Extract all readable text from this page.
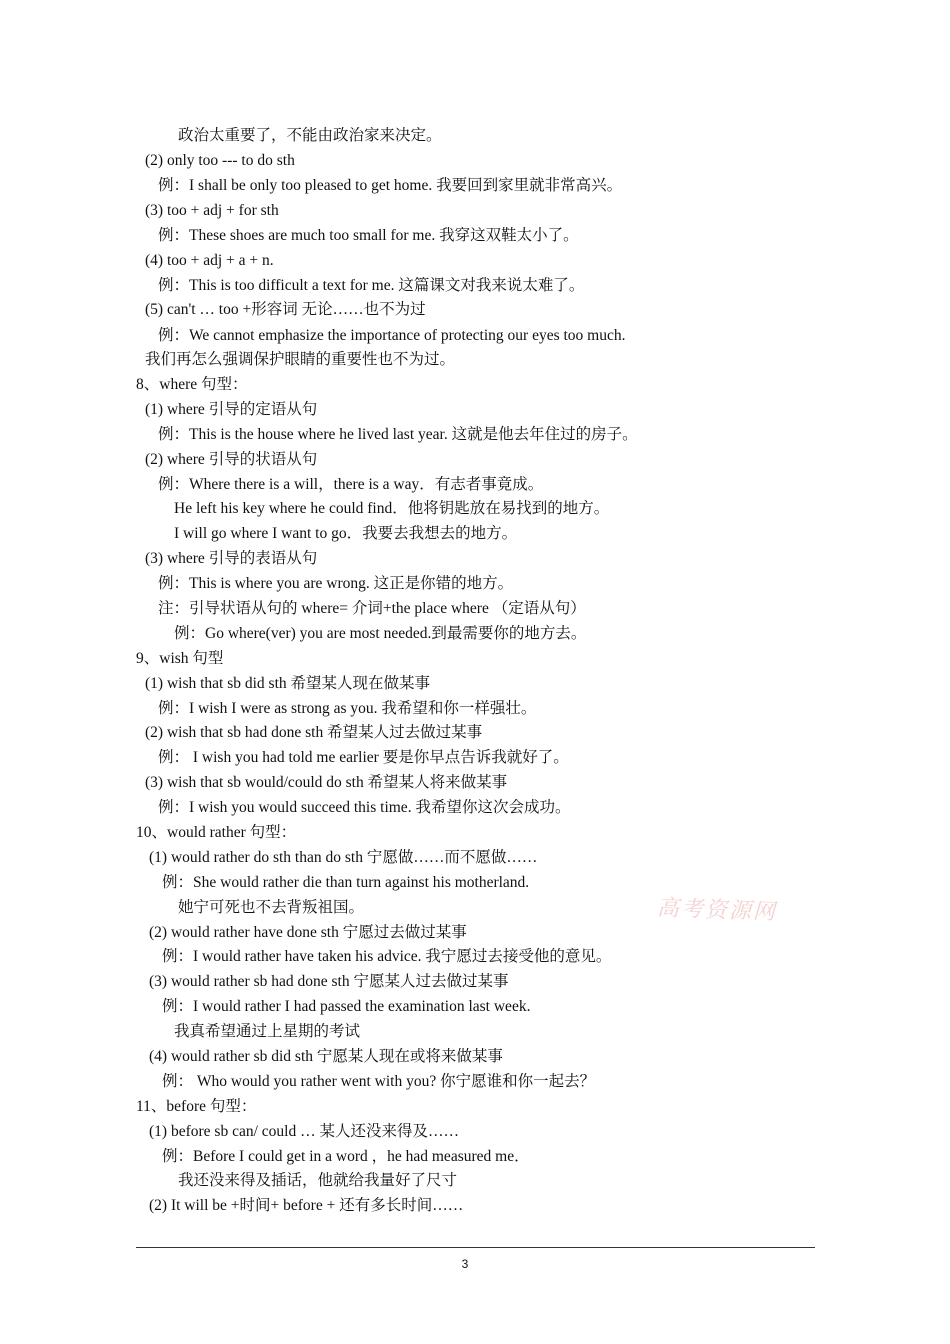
政治太重要了，不能由政治家来决定。
(2) only too --- to do sth
例：I shall be only too pleased to get home. 我要回到家里就非常高兴。
(3) too + adj + for sth
例：These shoes are much too small for me. 我穿这双鞋太小了。
(4) too + adj + a + n.
例：This is too difficult a text for me. 这篇课文对我来说太难了。
(5) can't … too +形容词 无论……也不为过
例：We cannot emphasize the importance of protecting our eyes too much.
我们再怎么强调保护眼睛的重要性也不为过。
8、where 句型：
(1) where 引导的定语从句
例：This is the house where he lived last year. 这就是他去年住过的房子。
(2) where 引导的状语从句
例：Where there is a will，there is a way．有志者事竟成。
He left his key where he could find．他将钥匙放在易找到的地方。
I will go where I want to go．我要去我想去的地方。
(3) where 引导的表语从句
例：This is where you are wrong. 这正是你错的地方。
注：引导状语从句的 where= 介词+the place where （定语从句）
例：Go where(ver) you are most needed.到最需要你的地方去。
9、wish 句型
(1) wish that sb did sth 希望某人现在做某事
例：I wish I were as strong as you. 我希望和你一样强壮。
(2) wish that sb had done sth 希望某人过去做过某事
例： I wish you had told me earlier 要是你早点告诉我就好了。
(3) wish that sb would/could do sth 希望某人将来做某事
例：I wish you would succeed this time. 我希望你这次会成功。
10、would rather 句型：
(1) would rather do sth than do sth 宁愿做……而不愿做……
例：She would rather die than turn against his motherland.
她宁可死也不去背叛祖国。
(2) would rather have done sth 宁愿过去做过某事
例：I would rather have taken his advice. 我宁愿过去接受他的意见。
(3) would rather sb had done sth 宁愿某人过去做过某事
例：I would rather I had passed the examination last week.
我真希望通过上星期的考试
(4) would rather sb did sth 宁愿某人现在或将来做某事
例： Who would you rather went with you? 你宁愿谁和你一起去？
11、before 句型：
(1) before sb can/ could … 某人还没来得及……
例：Before I could get in a word ，he had measured me．
我还没来得及插话，他就给我量好了尺寸
(2) It will be +时间+ before + 还有多长时间……
高考资源网
3
